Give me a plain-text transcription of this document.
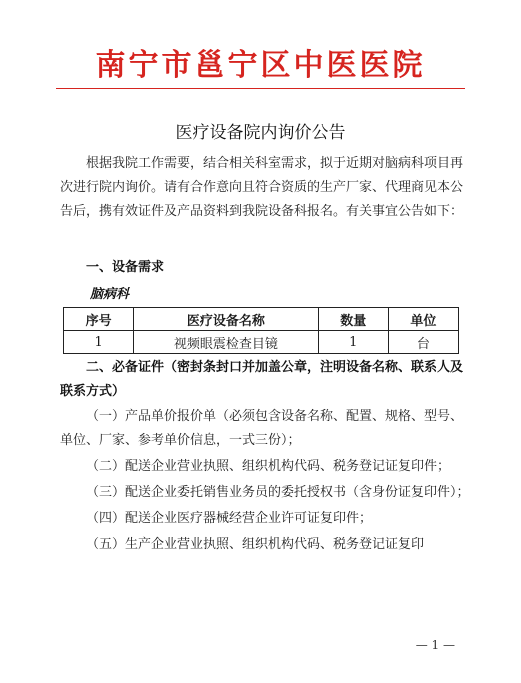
南宁市邕宁区中医医院
医疗设备院内询价公告
根据我院工作需要，结合相关科室需求，拟于近期对脑病科项目再次进行院内询价。请有合作意向且符合资质的生产厂家、代理商见本公告后，携有效证件及产品资料到我院设备科报名。有关事宜公告如下：
一、设备需求
脑病科
序号	医疗设备名称	数量	单位
1	视频眼震检查目镜	1	台
二、必备证件（密封条封口并加盖公章，注明设备名称、联系人及联系方式）
（一）产品单价报价单（必须包含设备名称、配置、规格、型号、单位、厂家、参考单价信息，一式三份）；
（二）配送企业营业执照、组织机构代码、税务登记证复印件；
（三）配送企业委托销售业务员的委托授权书（含身份证复印件）；
（四）配送企业医疗器械经营企业许可证复印件；
（五）生产企业营业执照、组织机构代码、税务登记证复印
— 1 —
